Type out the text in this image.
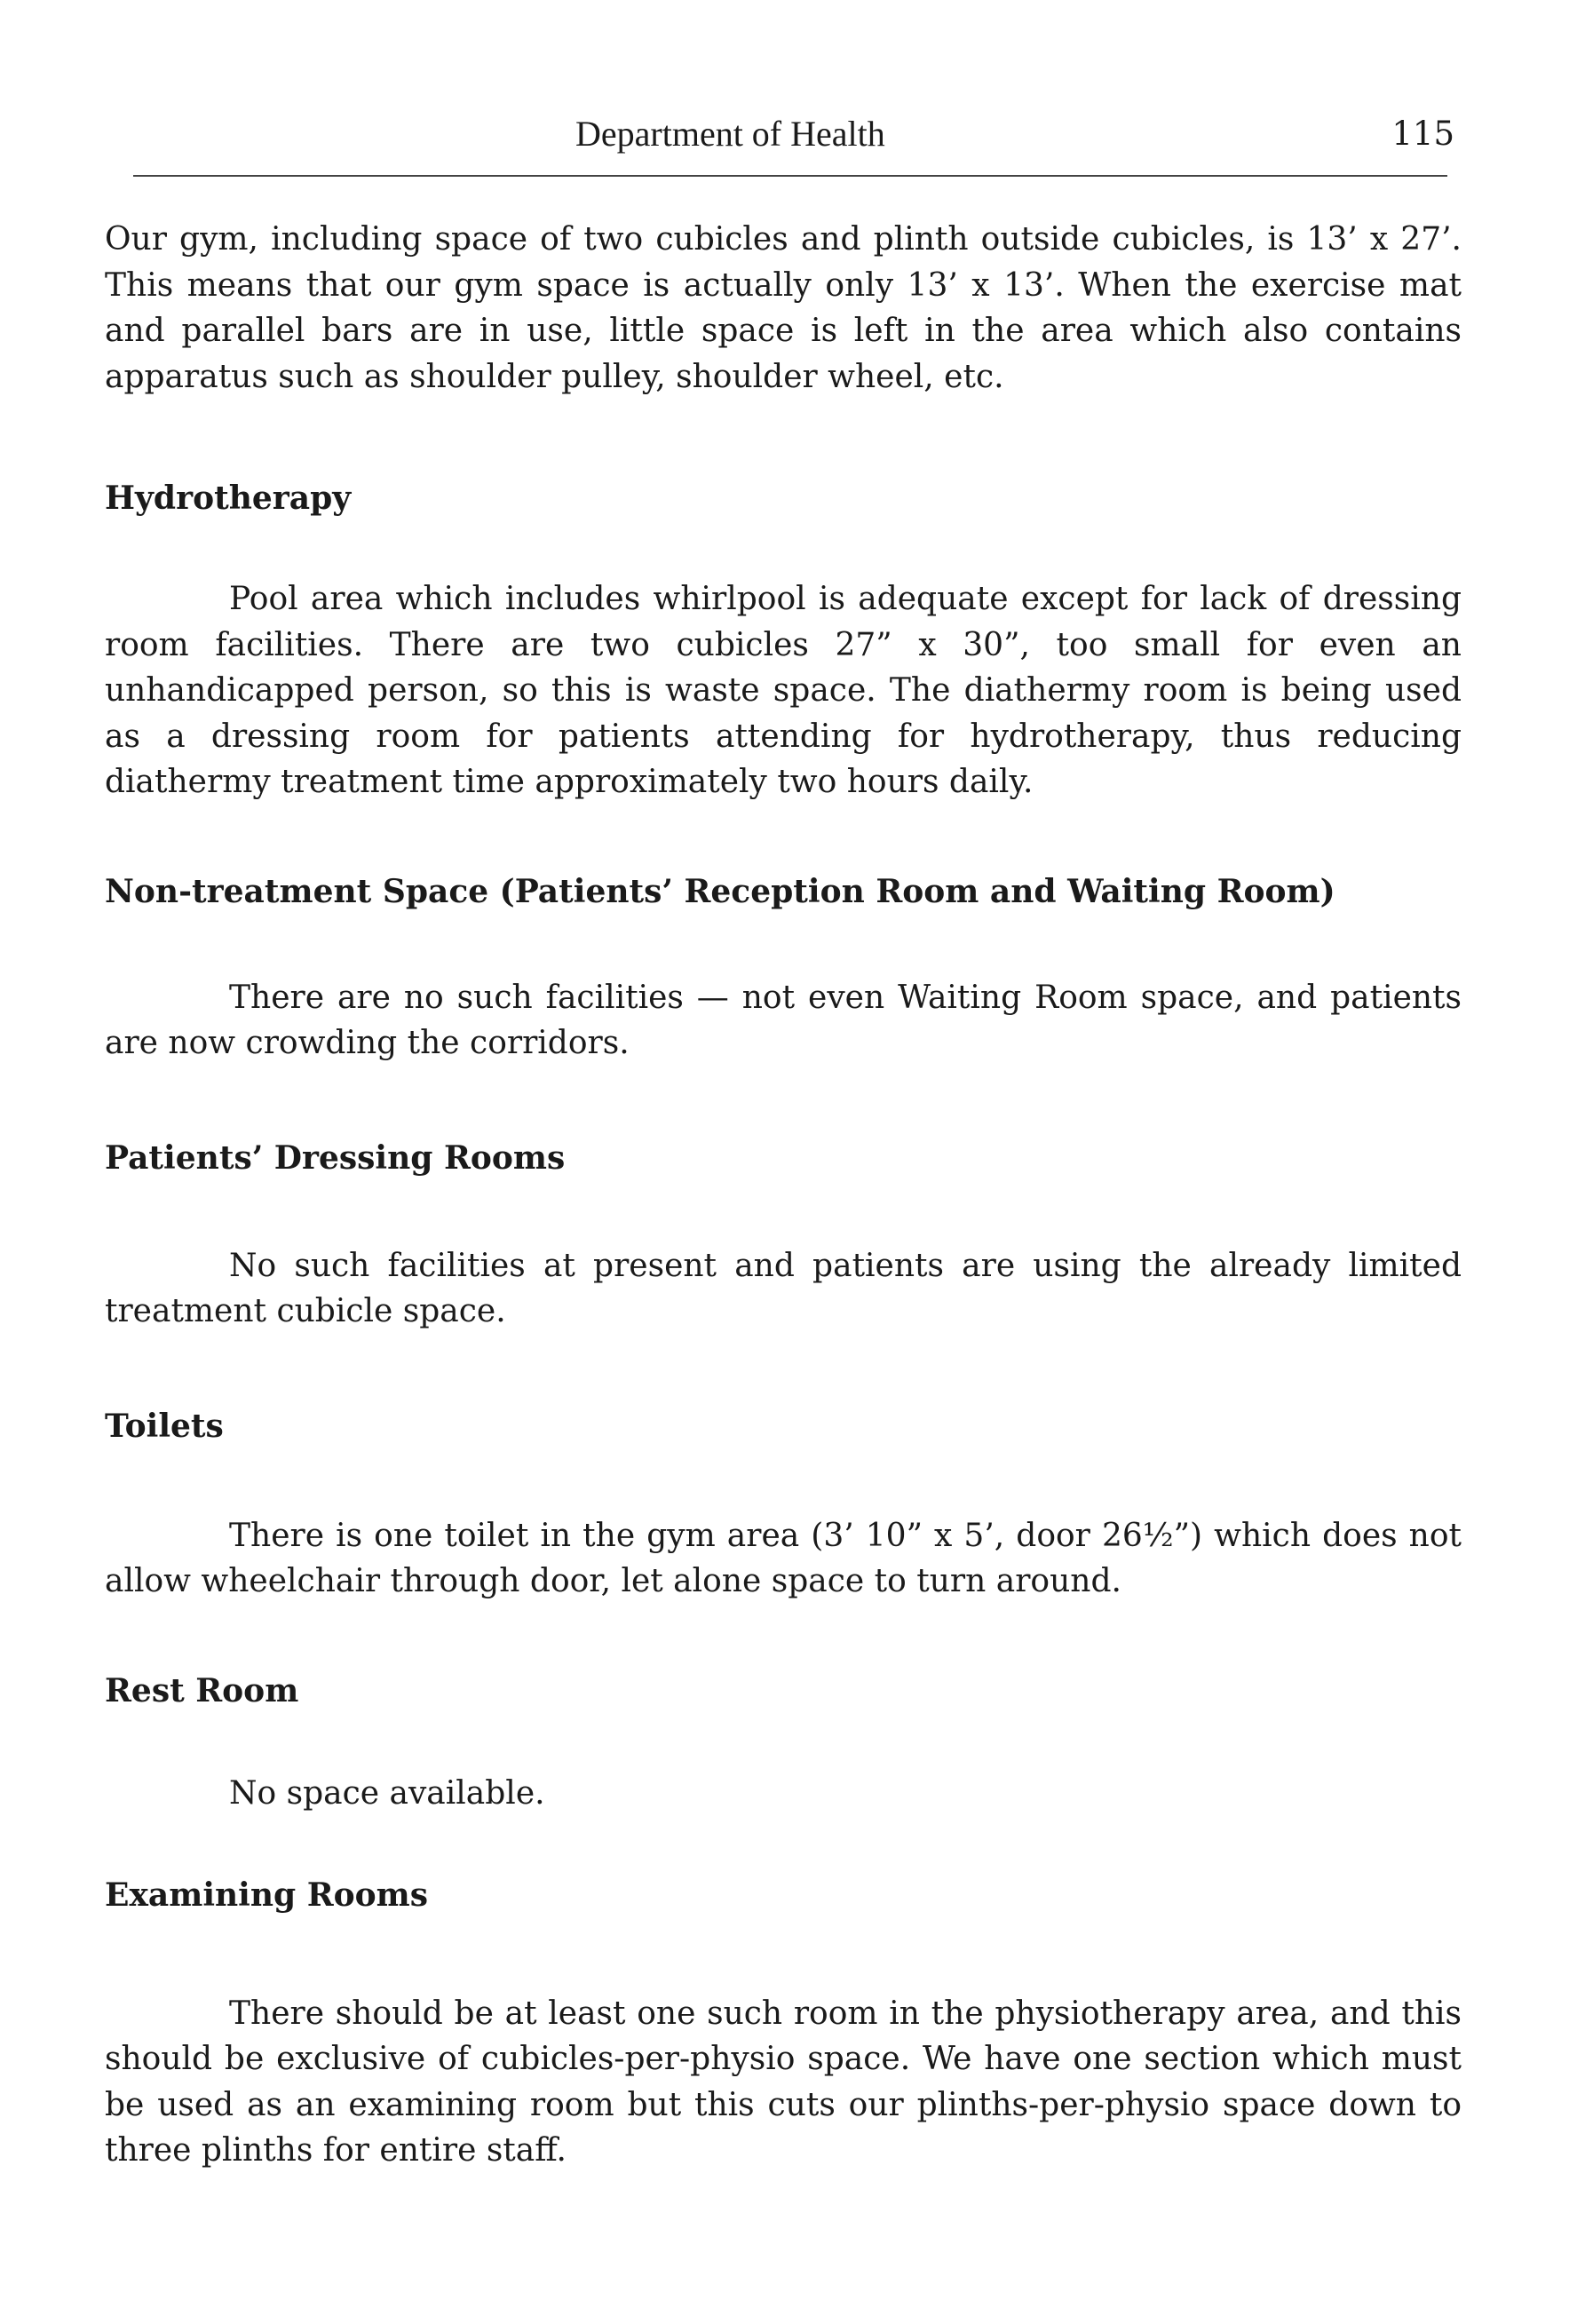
Department of Health	115

Our gym, including space of two cubicles and plinth outside cubicles, is 13’ x 27’. This means that our gym space is actually only 13’ x 13’. When the exercise mat and parallel bars are in use, little space is left in the area which also contains apparatus such as shoulder pulley, shoulder wheel, etc.

Hydrotherapy

Pool area which includes whirlpool is adequate except for lack of dressing room facilities. There are two cubicles 27” x 30”, too small for even an unhandicapped person, so this is waste space. The diathermy room is being used as a dressing room for patients attending for hydrotherapy, thus reducing diathermy treatment time approximately two hours daily.

Non-treatment Space (Patients’ Reception Room and Waiting Room)

There are no such facilities — not even Waiting Room space, and patients are now crowding the corridors.

Patients’ Dressing Rooms

No such facilities at present and patients are using the already limited treatment cubicle space.

Toilets

There is one toilet in the gym area (3’ 10” x 5’, door 26½”) which does not allow wheelchair through door, let alone space to turn around.

Rest Room

No space available.

Examining Rooms

There should be at least one such room in the physiotherapy area, and this should be exclusive of cubicles-per-physio space. We have one section which must be used as an examining room but this cuts our plinths-per-physio space down to three plinths for entire staff.
